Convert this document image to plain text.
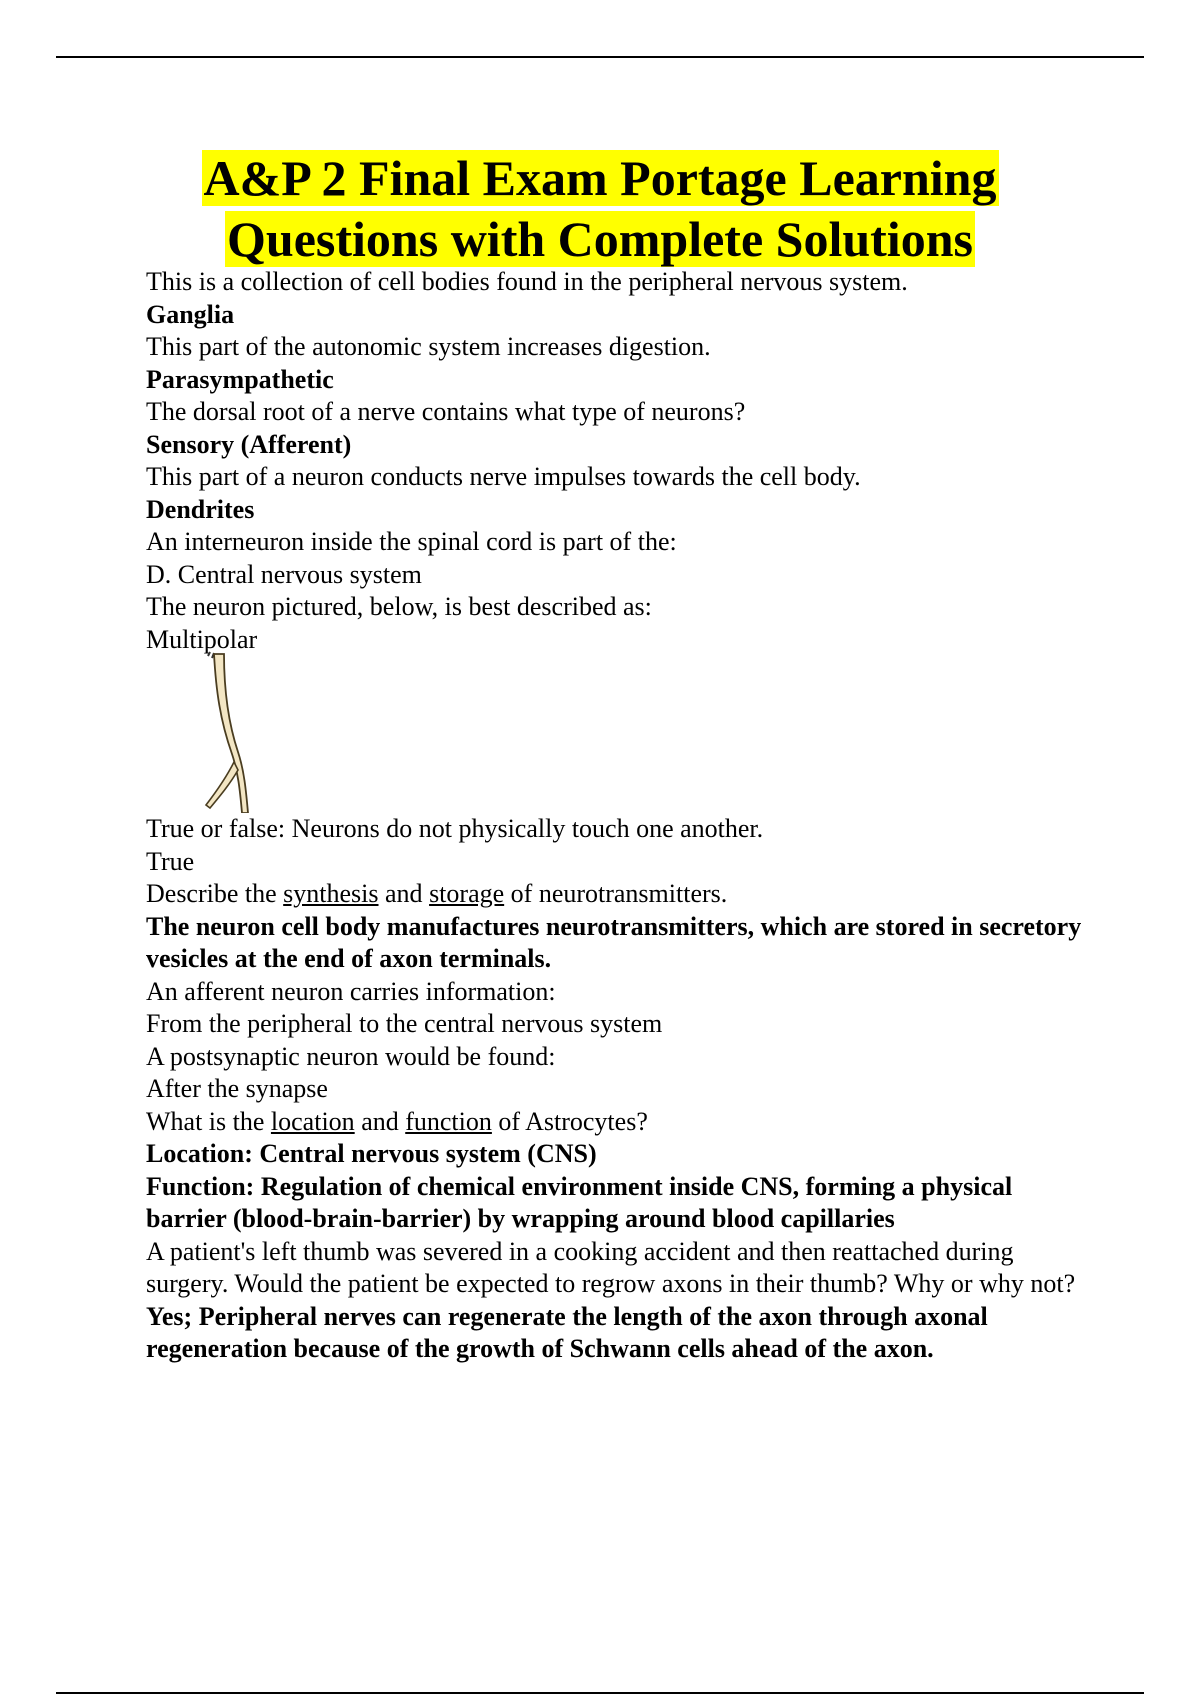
A&P 2 Final Exam Portage Learning
Questions with Complete Solutions

This is a collection of cell bodies found in the peripheral nervous system.

Ganglia

This part of the autonomic system increases digestion.

Parasympathetic

The dorsal root of a nerve contains what type of neurons?

Sensory (Afferent)

This part of a neuron conducts nerve impulses towards the cell body.

Dendrites

An interneuron inside the spinal cord is part of the:

D. Central nervous system

The neuron pictured, below, is best described as:

Multipolar

True or false: Neurons do not physically touch one another.

True

Describe the synthesis and storage of neurotransmitters.

The neuron cell body manufactures neurotransmitters, which are stored in secretory vesicles at the end of axon terminals.

An afferent neuron carries information:

From the peripheral to the central nervous system

A postsynaptic neuron would be found:

After the synapse

What is the location and function of Astrocytes?

Location: Central nervous system (CNS)

Function: Regulation of chemical environment inside CNS, forming a physical barrier (blood-brain-barrier) by wrapping around blood capillaries

A patient's left thumb was severed in a cooking accident and then reattached during surgery. Would the patient be expected to regrow axons in their thumb? Why or why not?

Yes; Peripheral nerves can regenerate the length of the axon through axonal regeneration because of the growth of Schwann cells ahead of the axon.
